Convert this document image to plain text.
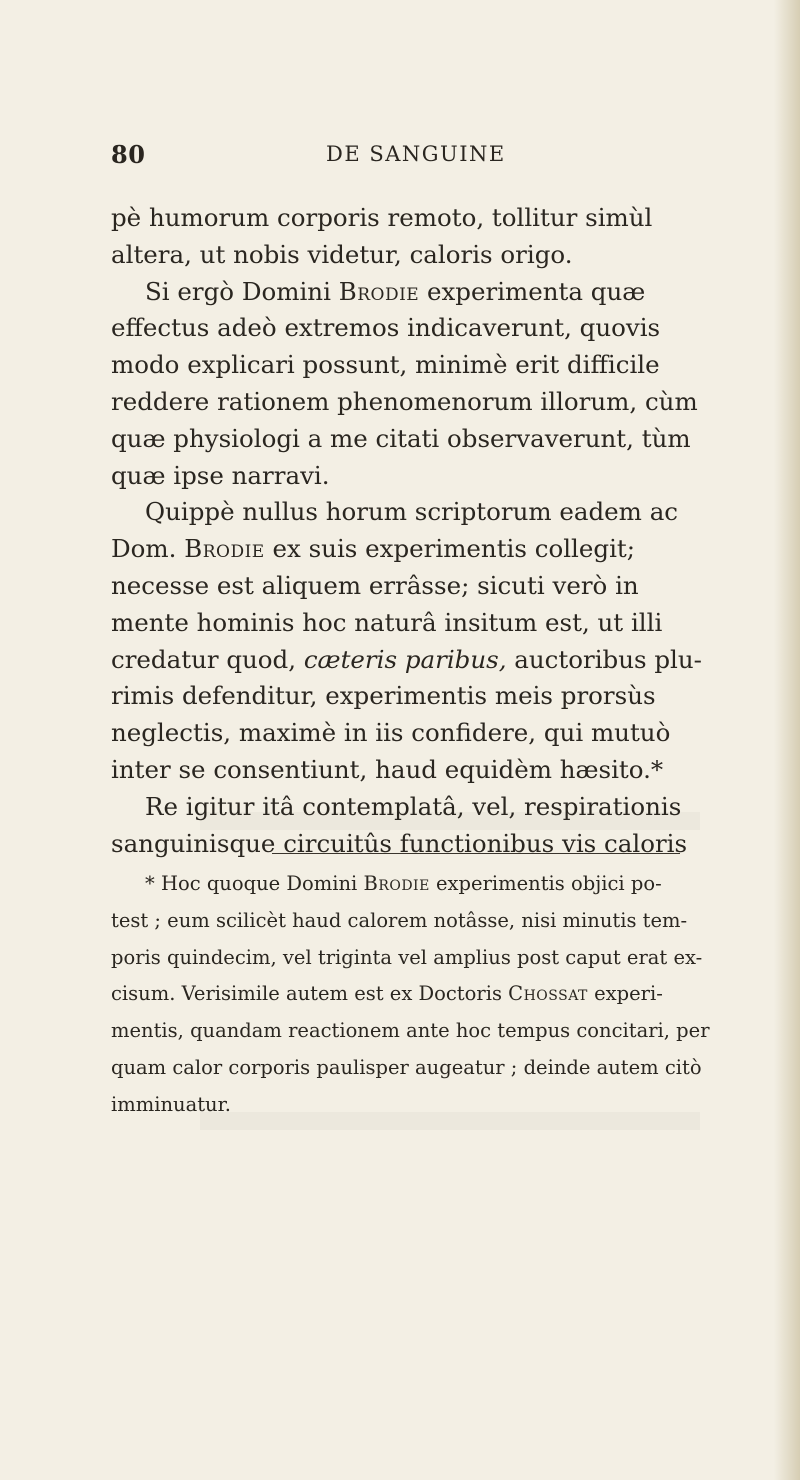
80	DE SANGUINE
pè humorum corporis remoto, tollitur simùl
altera, ut nobis videtur, caloris origo.
Si ergò Domini Brodie experimenta quæ
effectus adeò extremos indicaverunt, quovis
modo explicari possunt, minimè erit difficile
reddere rationem phenomenorum illorum, cùm
quæ physiologi a me citati observaverunt, tùm
quæ ipse narravi.
Quippè nullus horum scriptorum eadem ac
Dom. Brodie ex suis experimentis collegit;
necesse est aliquem errâsse; sicuti verò in
mente hominis hoc naturâ insitum est, ut illi
credatur quod, cæteris paribus, auctoribus plu-
rimis defenditur, experimentis meis prorsùs
neglectis, maximè in iis confidere, qui mutuò
inter se consentiunt, haud equidèm hæsito.*
Re igitur itâ contemplatâ, vel, respirationis
sanguinisque circuitûs functionibus vis caloris
* Hoc quoque Domini Brodie experimentis objici po-
test ; eum scilicèt haud calorem notâsse, nisi minutis tem-
poris quindecim, vel triginta vel amplius post caput erat ex-
cisum. Verisimile autem est ex Doctoris Chossat experi-
mentis, quandam reactionem ante hoc tempus concitari, per
quam calor corporis paulisper augeatur ; deinde autem citò
imminuatur.
